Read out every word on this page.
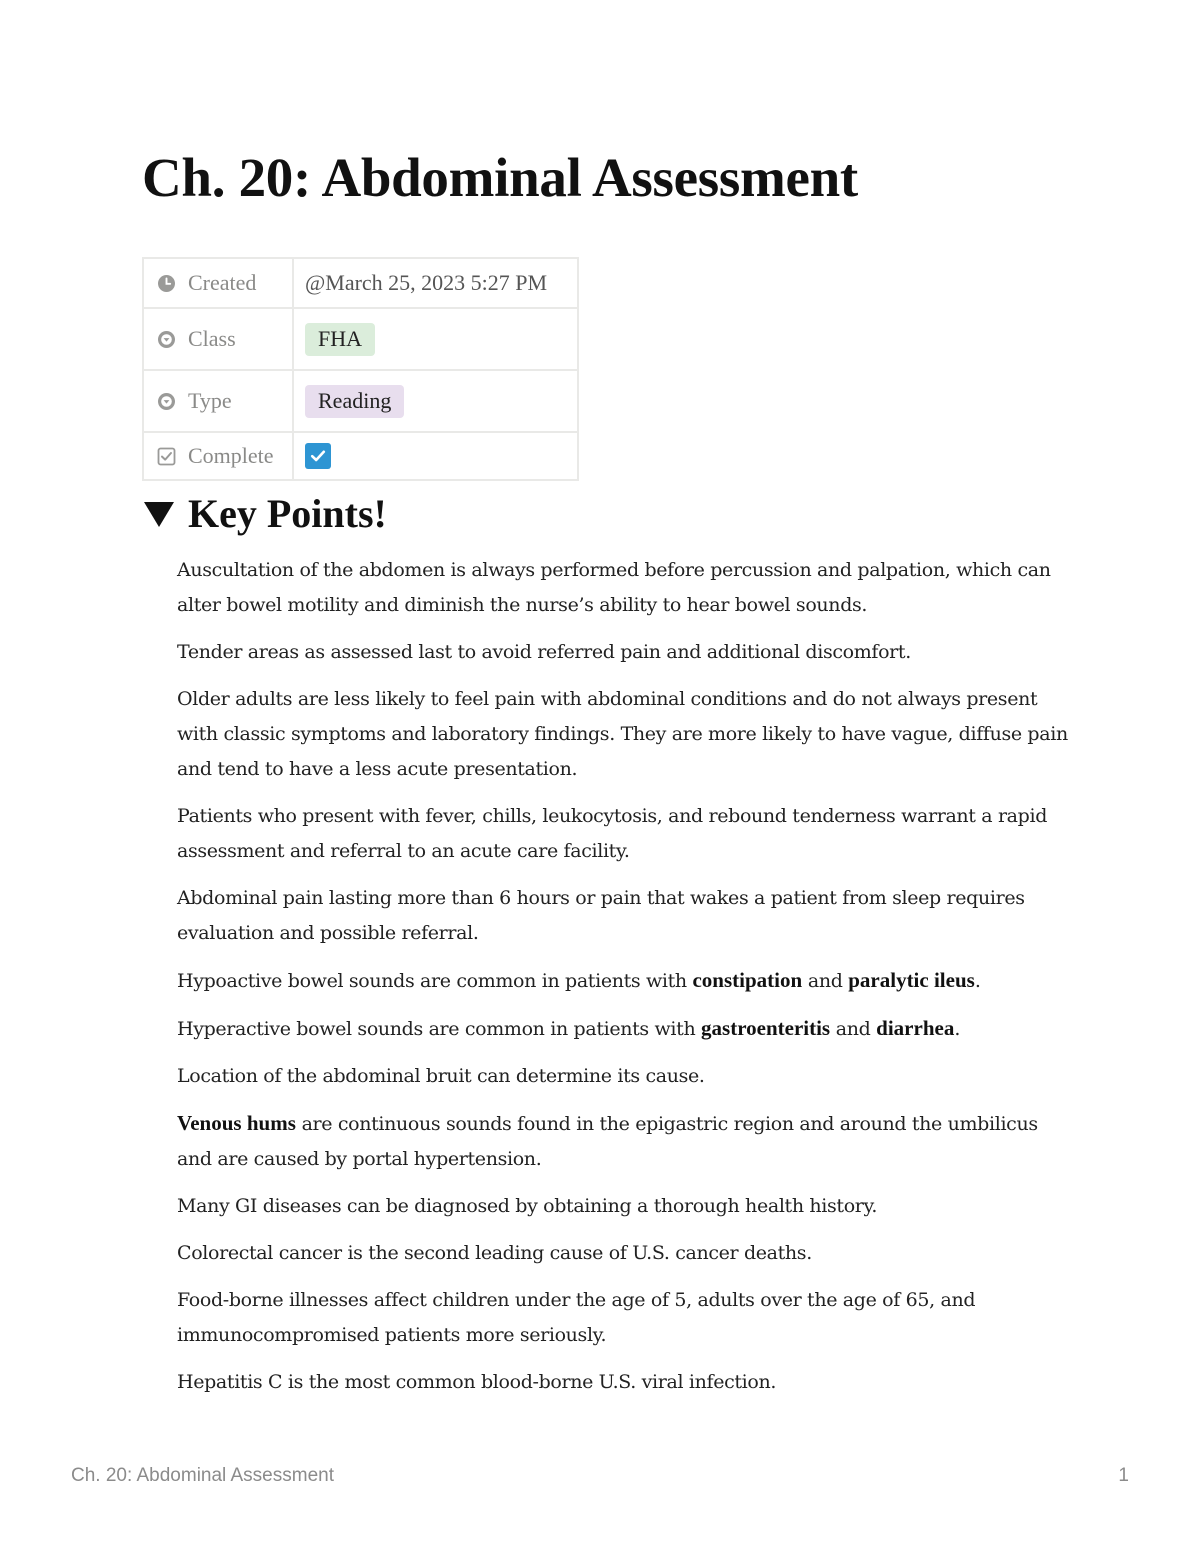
Ch. 20: Abdominal Assessment
Created	@March 25, 2023 5:27 PM

Class	FHA

Type	Reading

Complete

Key Points!

Auscultation of the abdomen is always performed before percussion and palpation, which can alter bowel motility and diminish the nurse’s ability to hear bowel sounds.

Tender areas as assessed last to avoid referred pain and additional discomfort.

Older adults are less likely to feel pain with abdominal conditions and do not always present with classic symptoms and laboratory findings. They are more likely to have vague, diffuse pain and tend to have a less acute presentation.

Patients who present with fever, chills, leukocytosis, and rebound tenderness warrant a rapid assessment and referral to an acute care facility.

Abdominal pain lasting more than 6 hours or pain that wakes a patient from sleep requires evaluation and possible referral.

Hypoactive bowel sounds are common in patients with constipation and paralytic ileus.

Hyperactive bowel sounds are common in patients with gastroenteritis and diarrhea.

Location of the abdominal bruit can determine its cause.

Venous hums are continuous sounds found in the epigastric region and around the umbilicus and are caused by portal hypertension.

Many GI diseases can be diagnosed by obtaining a thorough health history.

Colorectal cancer is the second leading cause of U.S. cancer deaths.

Food-borne illnesses affect children under the age of 5, adults over the age of 65, and immunocompromised patients more seriously.

Hepatitis C is the most common blood-borne U.S. viral infection.

Ch. 20: Abdominal Assessment	1
